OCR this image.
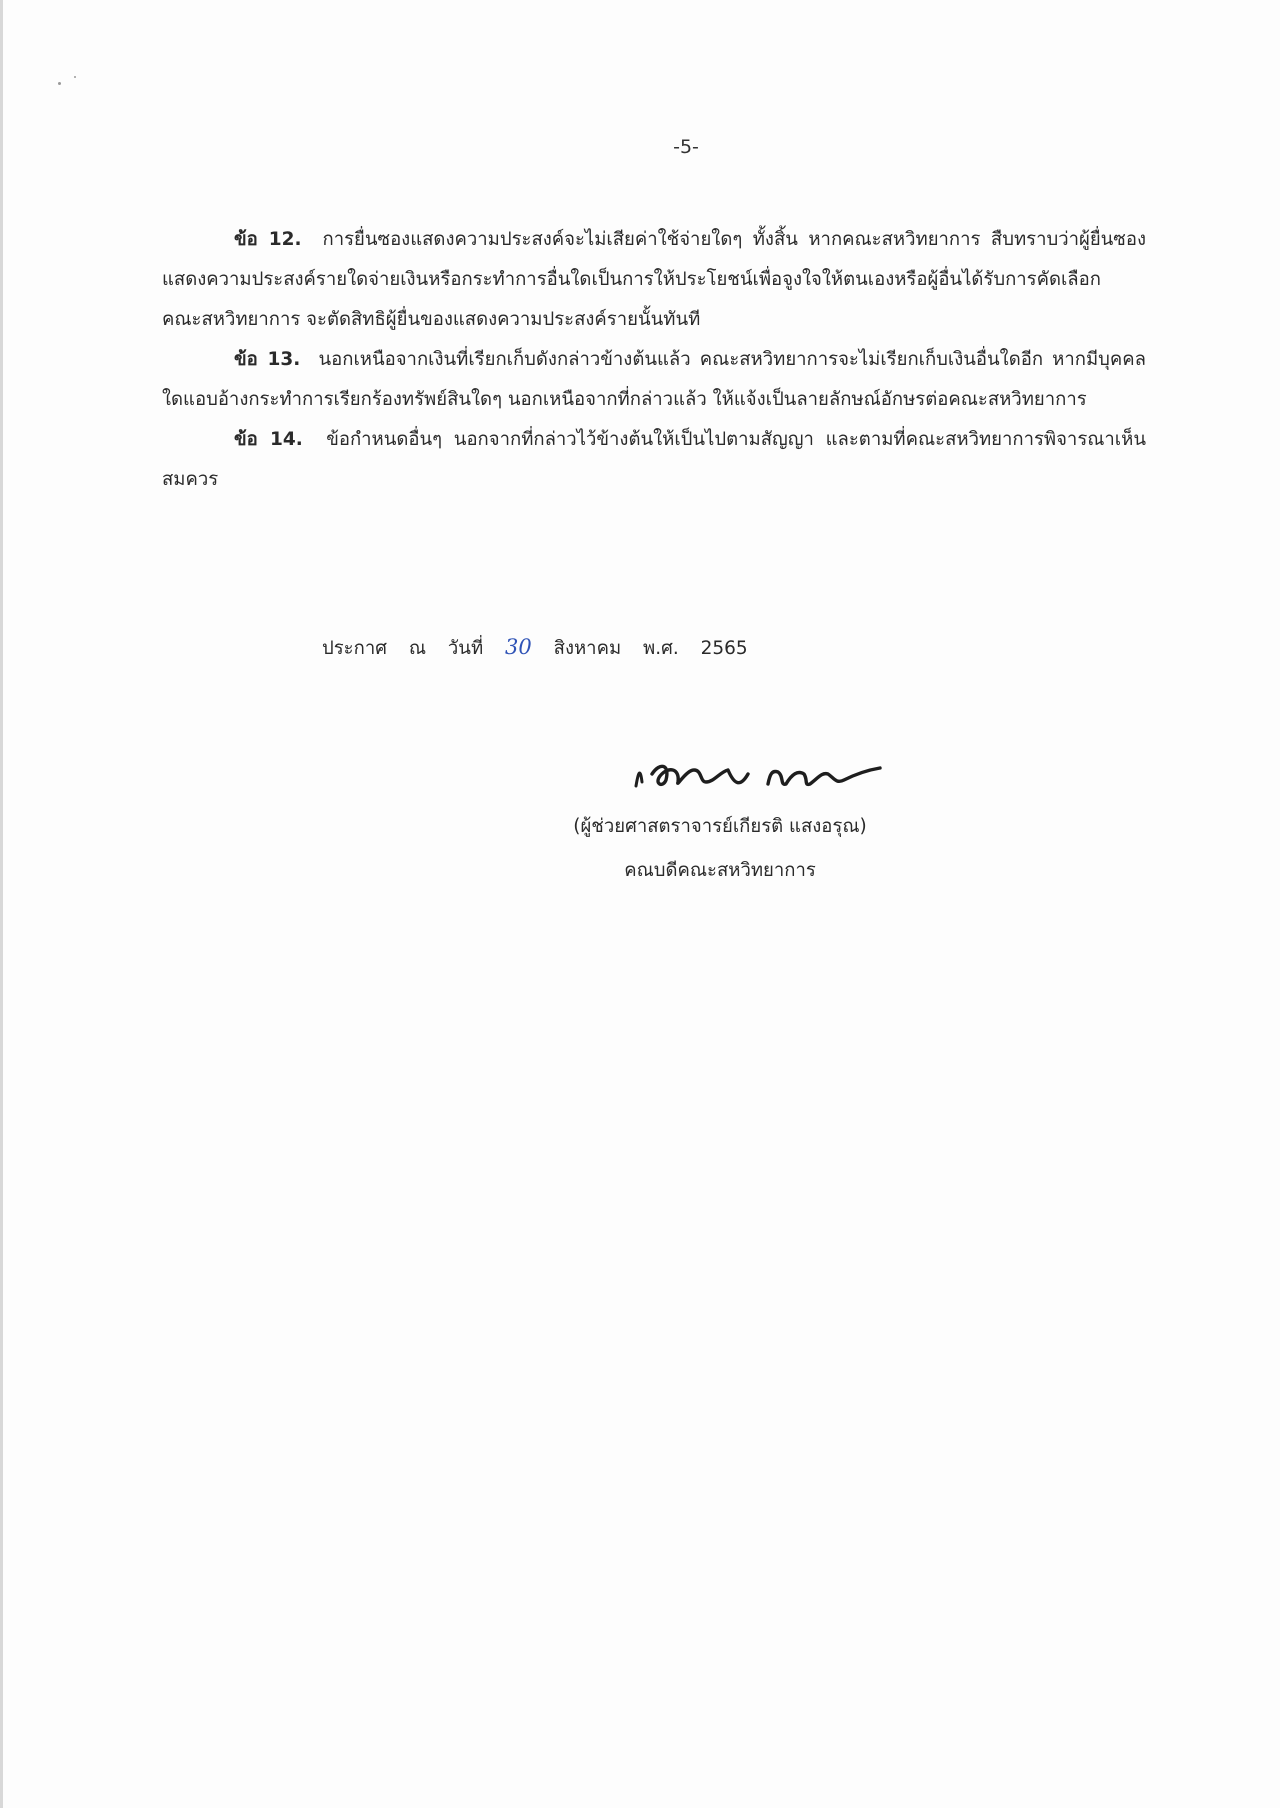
-5-

ข้อ 12. การยื่นซองแสดงความประสงค์จะไม่เสียค่าใช้จ่ายใดๆ ทั้งสิ้น หากคณะสหวิทยาการ สืบทราบว่าผู้ยื่นซองแสดงความประสงค์รายใดจ่ายเงินหรือกระทำการอื่นใดเป็นการให้ประโยชน์เพื่อจูงใจให้ตนเองหรือผู้อื่นได้รับการคัดเลือก คณะสหวิทยาการ จะตัดสิทธิผู้ยื่นของแสดงความประสงค์รายนั้นทันที

ข้อ 13. นอกเหนือจากเงินที่เรียกเก็บดังกล่าวข้างต้นแล้ว คณะสหวิทยาการจะไม่เรียกเก็บเงินอื่นใดอีก หากมีบุคคลใดแอบอ้างกระทำการเรียกร้องทรัพย์สินใดๆ นอกเหนือจากที่กล่าวแล้ว ให้แจ้งเป็นลายลักษณ์อักษรต่อคณะสหวิทยาการ

ข้อ 14. ข้อกำหนดอื่นๆ นอกจากที่กล่าวไว้ข้างต้นให้เป็นไปตามสัญญา และตามที่คณะสหวิทยาการพิจารณาเห็นสมควร

ประกาศ ณ วันที่ 30 สิงหาคม พ.ศ. 2565
(ผู้ช่วยศาสตราจารย์เกียรติ แสงอรุณ)
คณบดีคณะสหวิทยาการ
